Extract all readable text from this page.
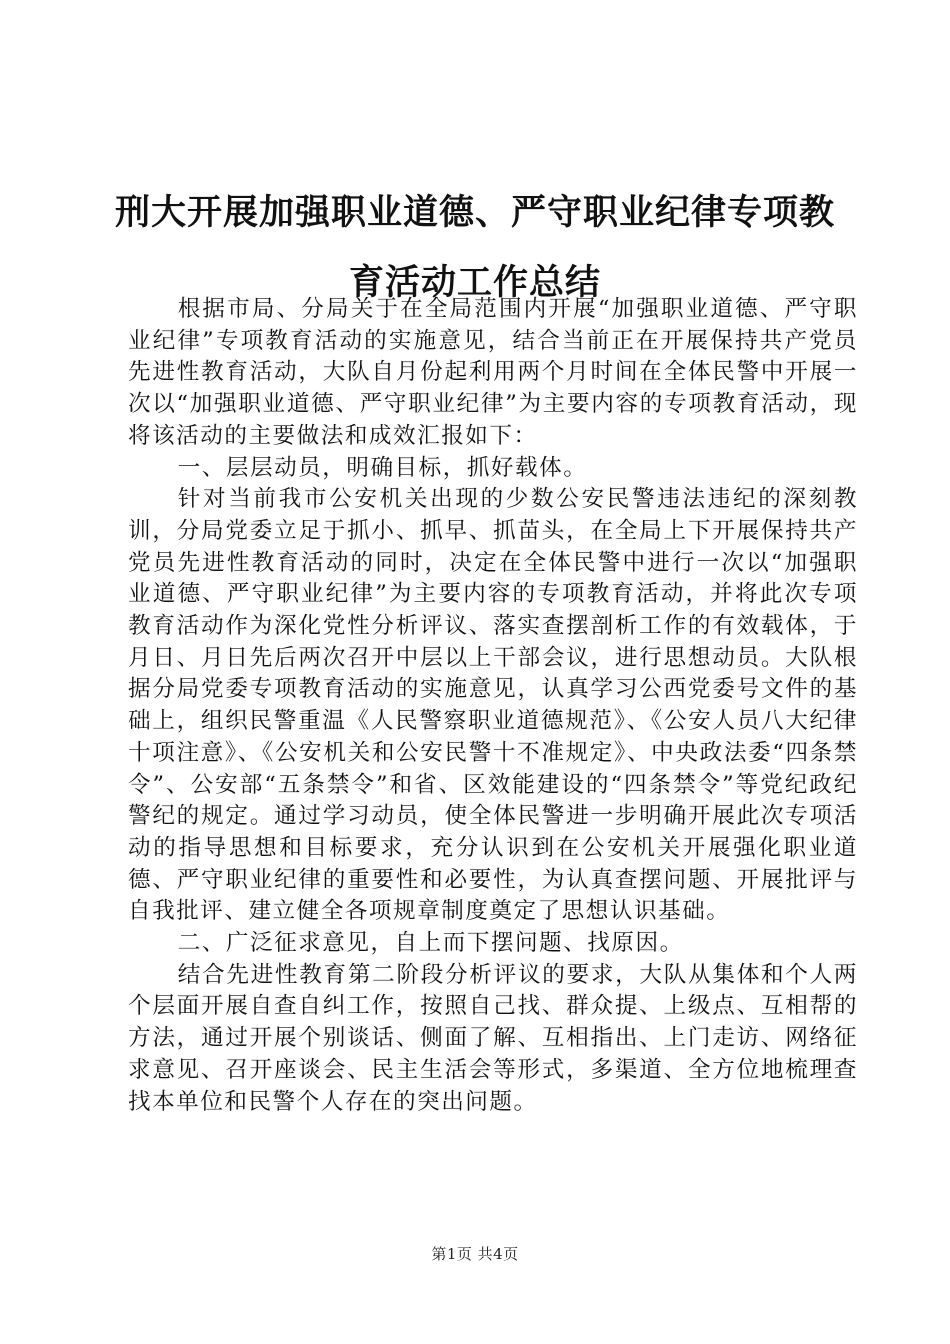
刑大开展加强职业道德、严守职业纪律专项教
育活动工作总结

根据市局、分局关于在全局范围内开展“加强职业道德、严守职业纪律”专项教育活动的实施意见，结合当前正在开展保持共产党员先进性教育活动，大队自月份起利用两个月时间在全体民警中开展一次以“加强职业道德、严守职业纪律”为主要内容的专项教育活动，现将该活动的主要做法和成效汇报如下：

一、层层动员，明确目标，抓好载体。

针对当前我市公安机关出现的少数公安民警违法违纪的深刻教训，分局党委立足于抓小、抓早、抓苗头，在全局上下开展保持共产党员先进性教育活动的同时，决定在全体民警中进行一次以“加强职业道德、严守职业纪律”为主要内容的专项教育活动，并将此次专项教育活动作为深化党性分析评议、落实查摆剖析工作的有效载体，于月日、月日先后两次召开中层以上干部会议，进行思想动员。大队根据分局党委专项教育活动的实施意见，认真学习公西党委号文件的基础上，组织民警重温《人民警察职业道德规范》、《公安人员八大纪律十项注意》、《公安机关和公安民警十不准规定》、中央政法委“四条禁令”、公安部“五条禁令”和省、区效能建设的“四条禁令”等党纪政纪警纪的规定。通过学习动员，使全体民警进一步明确开展此次专项活动的指导思想和目标要求，充分认识到在公安机关开展强化职业道德、严守职业纪律的重要性和必要性，为认真查摆问题、开展批评与自我批评、建立健全各项规章制度奠定了思想认识基础。

二、广泛征求意见，自上而下摆问题、找原因。

结合先进性教育第二阶段分析评议的要求，大队从集体和个人两个层面开展自查自纠工作，按照自己找、群众提、上级点、互相帮的方法，通过开展个别谈话、侧面了解、互相指出、上门走访、网络征求意见、召开座谈会、民主生活会等形式，多渠道、全方位地梳理查找本单位和民警个人存在的突出问题。

第1页 共4页
